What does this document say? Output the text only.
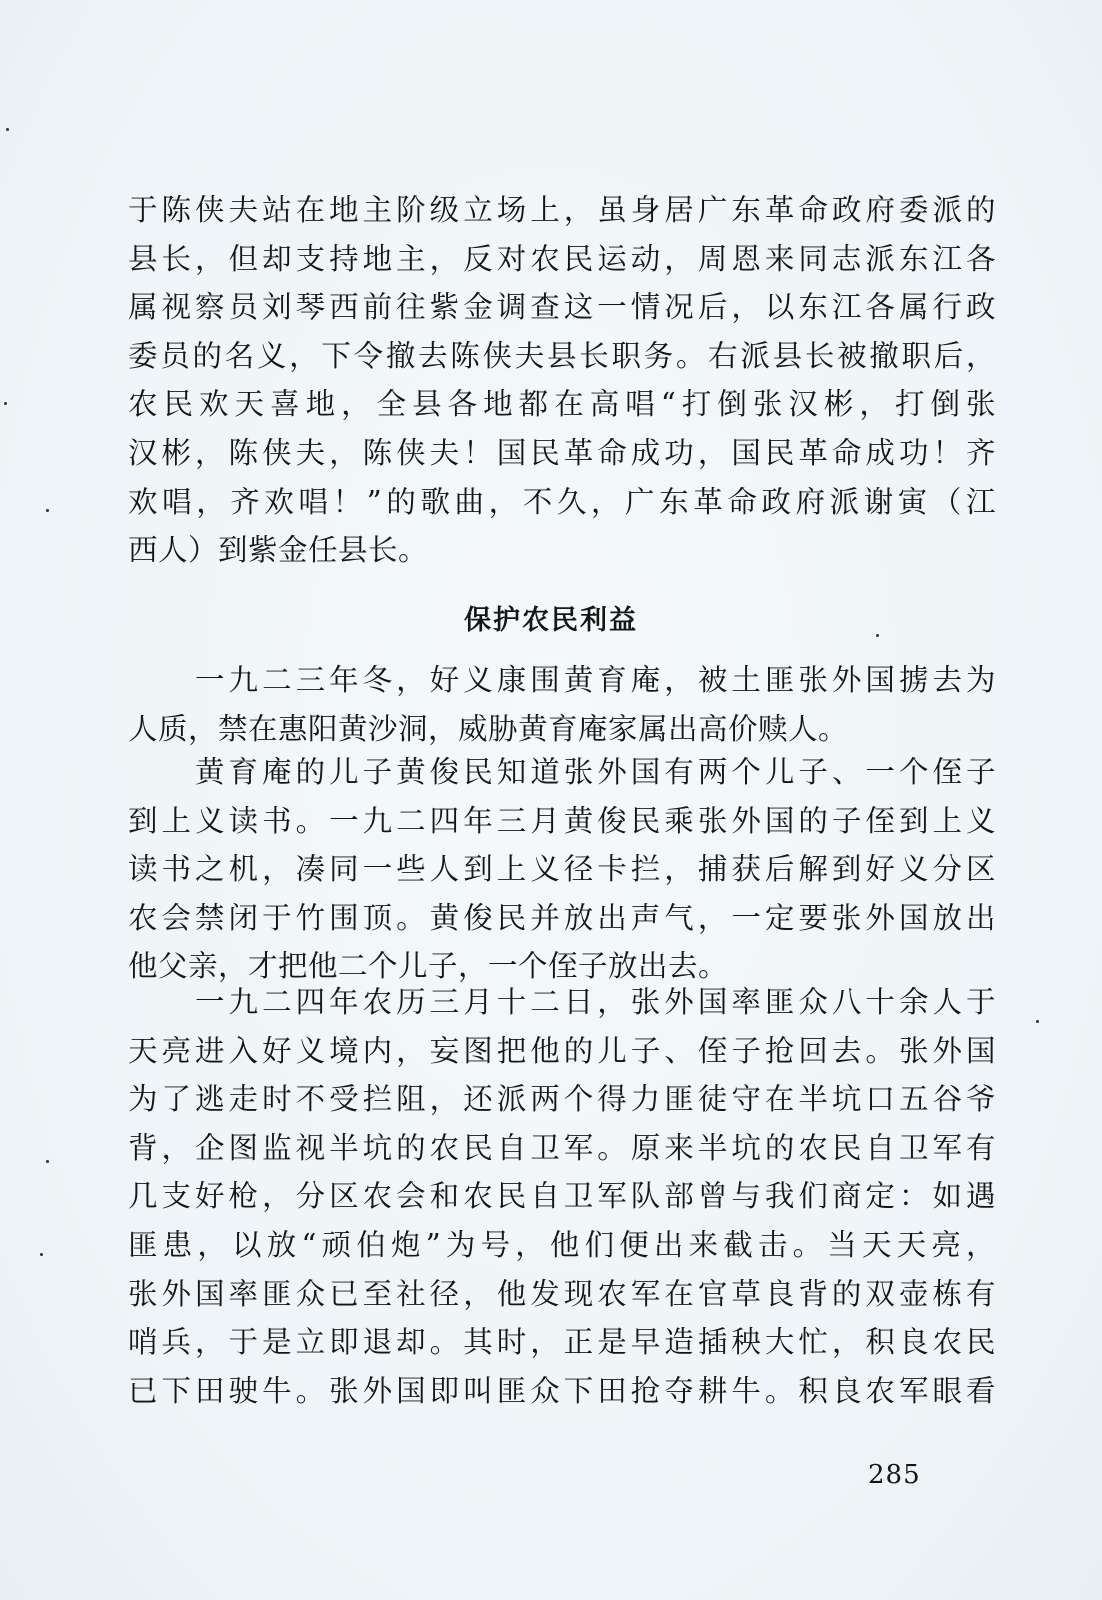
于陈侠夫站在地主阶级立场上，虽身居广东革命政府委派的
县长，但却支持地主，反对农民运动，周恩来同志派东江各
属视察员刘琴西前往紫金调查这一情况后，以东江各属行政
委员的名义，下令撤去陈侠夫县长职务。右派县长被撤职后，
农民欢天喜地，全县各地都在高唱“打倒张汉彬，打倒张
汉彬，陈侠夫，陈侠夫！国民革命成功，国民革命成功！齐
欢唱，齐欢唱！”的歌曲，不久，广东革命政府派谢寅（江
西人）到紫金任县长。
保护农民利益
　　一九二三年冬，好义康围黄育庵，被土匪张外国掳去为
人质，禁在惠阳黄沙洞，威胁黄育庵家属出高价赎人。
　　黄育庵的儿子黄俊民知道张外国有两个儿子、一个侄子
到上义读书。一九二四年三月黄俊民乘张外国的子侄到上义
读书之机，凑同一些人到上义径卡拦，捕获后解到好义分区
农会禁闭于竹围顶。黄俊民并放出声气，一定要张外国放出
他父亲，才把他二个儿子，一个侄子放出去。
　　一九二四年农历三月十二日，张外国率匪众八十余人于
天亮进入好义境内，妄图把他的儿子、侄子抢回去。张外国
为了逃走时不受拦阻，还派两个得力匪徒守在半坑口五谷爷
背，企图监视半坑的农民自卫军。原来半坑的农民自卫军有
几支好枪，分区农会和农民自卫军队部曾与我们商定：如遇
匪患，以放“顽伯炮”为号，他们便出来截击。当天天亮，
张外国率匪众已至社径，他发现农军在官草良背的双壶栋有
哨兵，于是立即退却。其时，正是早造插秧大忙，积良农民
已下田驶牛。张外国即叫匪众下田抢夺耕牛。积良农军眼看
285
